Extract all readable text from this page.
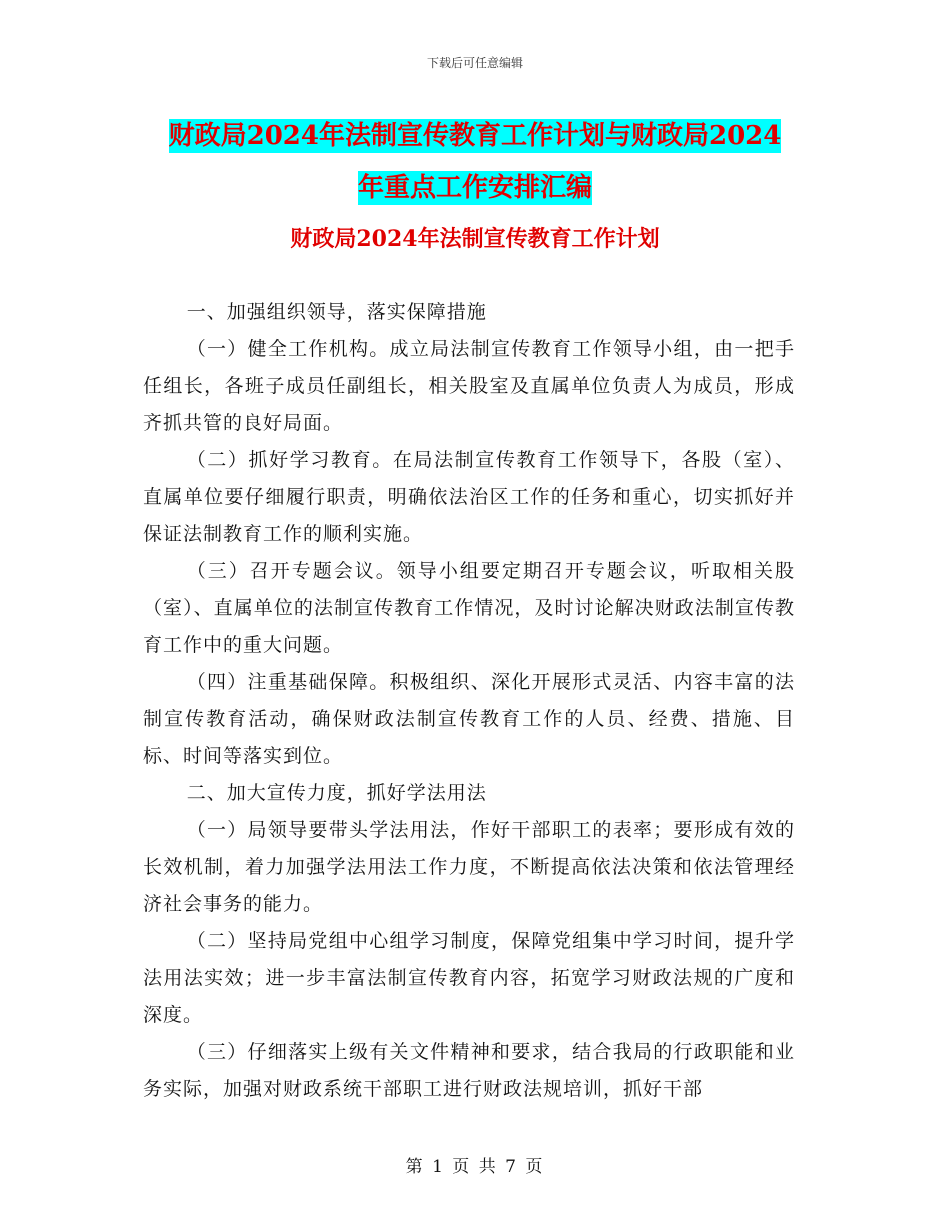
下载后可任意编辑
财政局2024年法制宣传教育工作计划与财政局2024
年重点工作安排汇编
财政局2024年法制宣传教育工作计划

一、加强组织领导，落实保障措施

（一）健全工作机构。成立局法制宣传教育工作领导小组，由一把手任组长，各班子成员任副组长，相关股室及直属单位负责人为成员，形成齐抓共管的良好局面。

（二）抓好学习教育。在局法制宣传教育工作领导下，各股（室）、直属单位要仔细履行职责，明确依法治区工作的任务和重心，切实抓好并保证法制教育工作的顺利实施。

（三）召开专题会议。领导小组要定期召开专题会议，听取相关股（室）、直属单位的法制宣传教育工作情况，及时讨论解决财政法制宣传教育工作中的重大问题。

（四）注重基础保障。积极组织、深化开展形式灵活、内容丰富的法制宣传教育活动，确保财政法制宣传教育工作的人员、经费、措施、目标、时间等落实到位。

二、加大宣传力度，抓好学法用法

（一）局领导要带头学法用法，作好干部职工的表率；要形成有效的长效机制，着力加强学法用法工作力度，不断提高依法决策和依法管理经济社会事务的能力。

（二）坚持局党组中心组学习制度，保障党组集中学习时间，提升学法用法实效；进一步丰富法制宣传教育内容，拓宽学习财政法规的广度和深度。

（三）仔细落实上级有关文件精神和要求，结合我局的行政职能和业务实际，加强对财政系统干部职工进行财政法规培训，抓好干部

第 1 页 共 7 页
